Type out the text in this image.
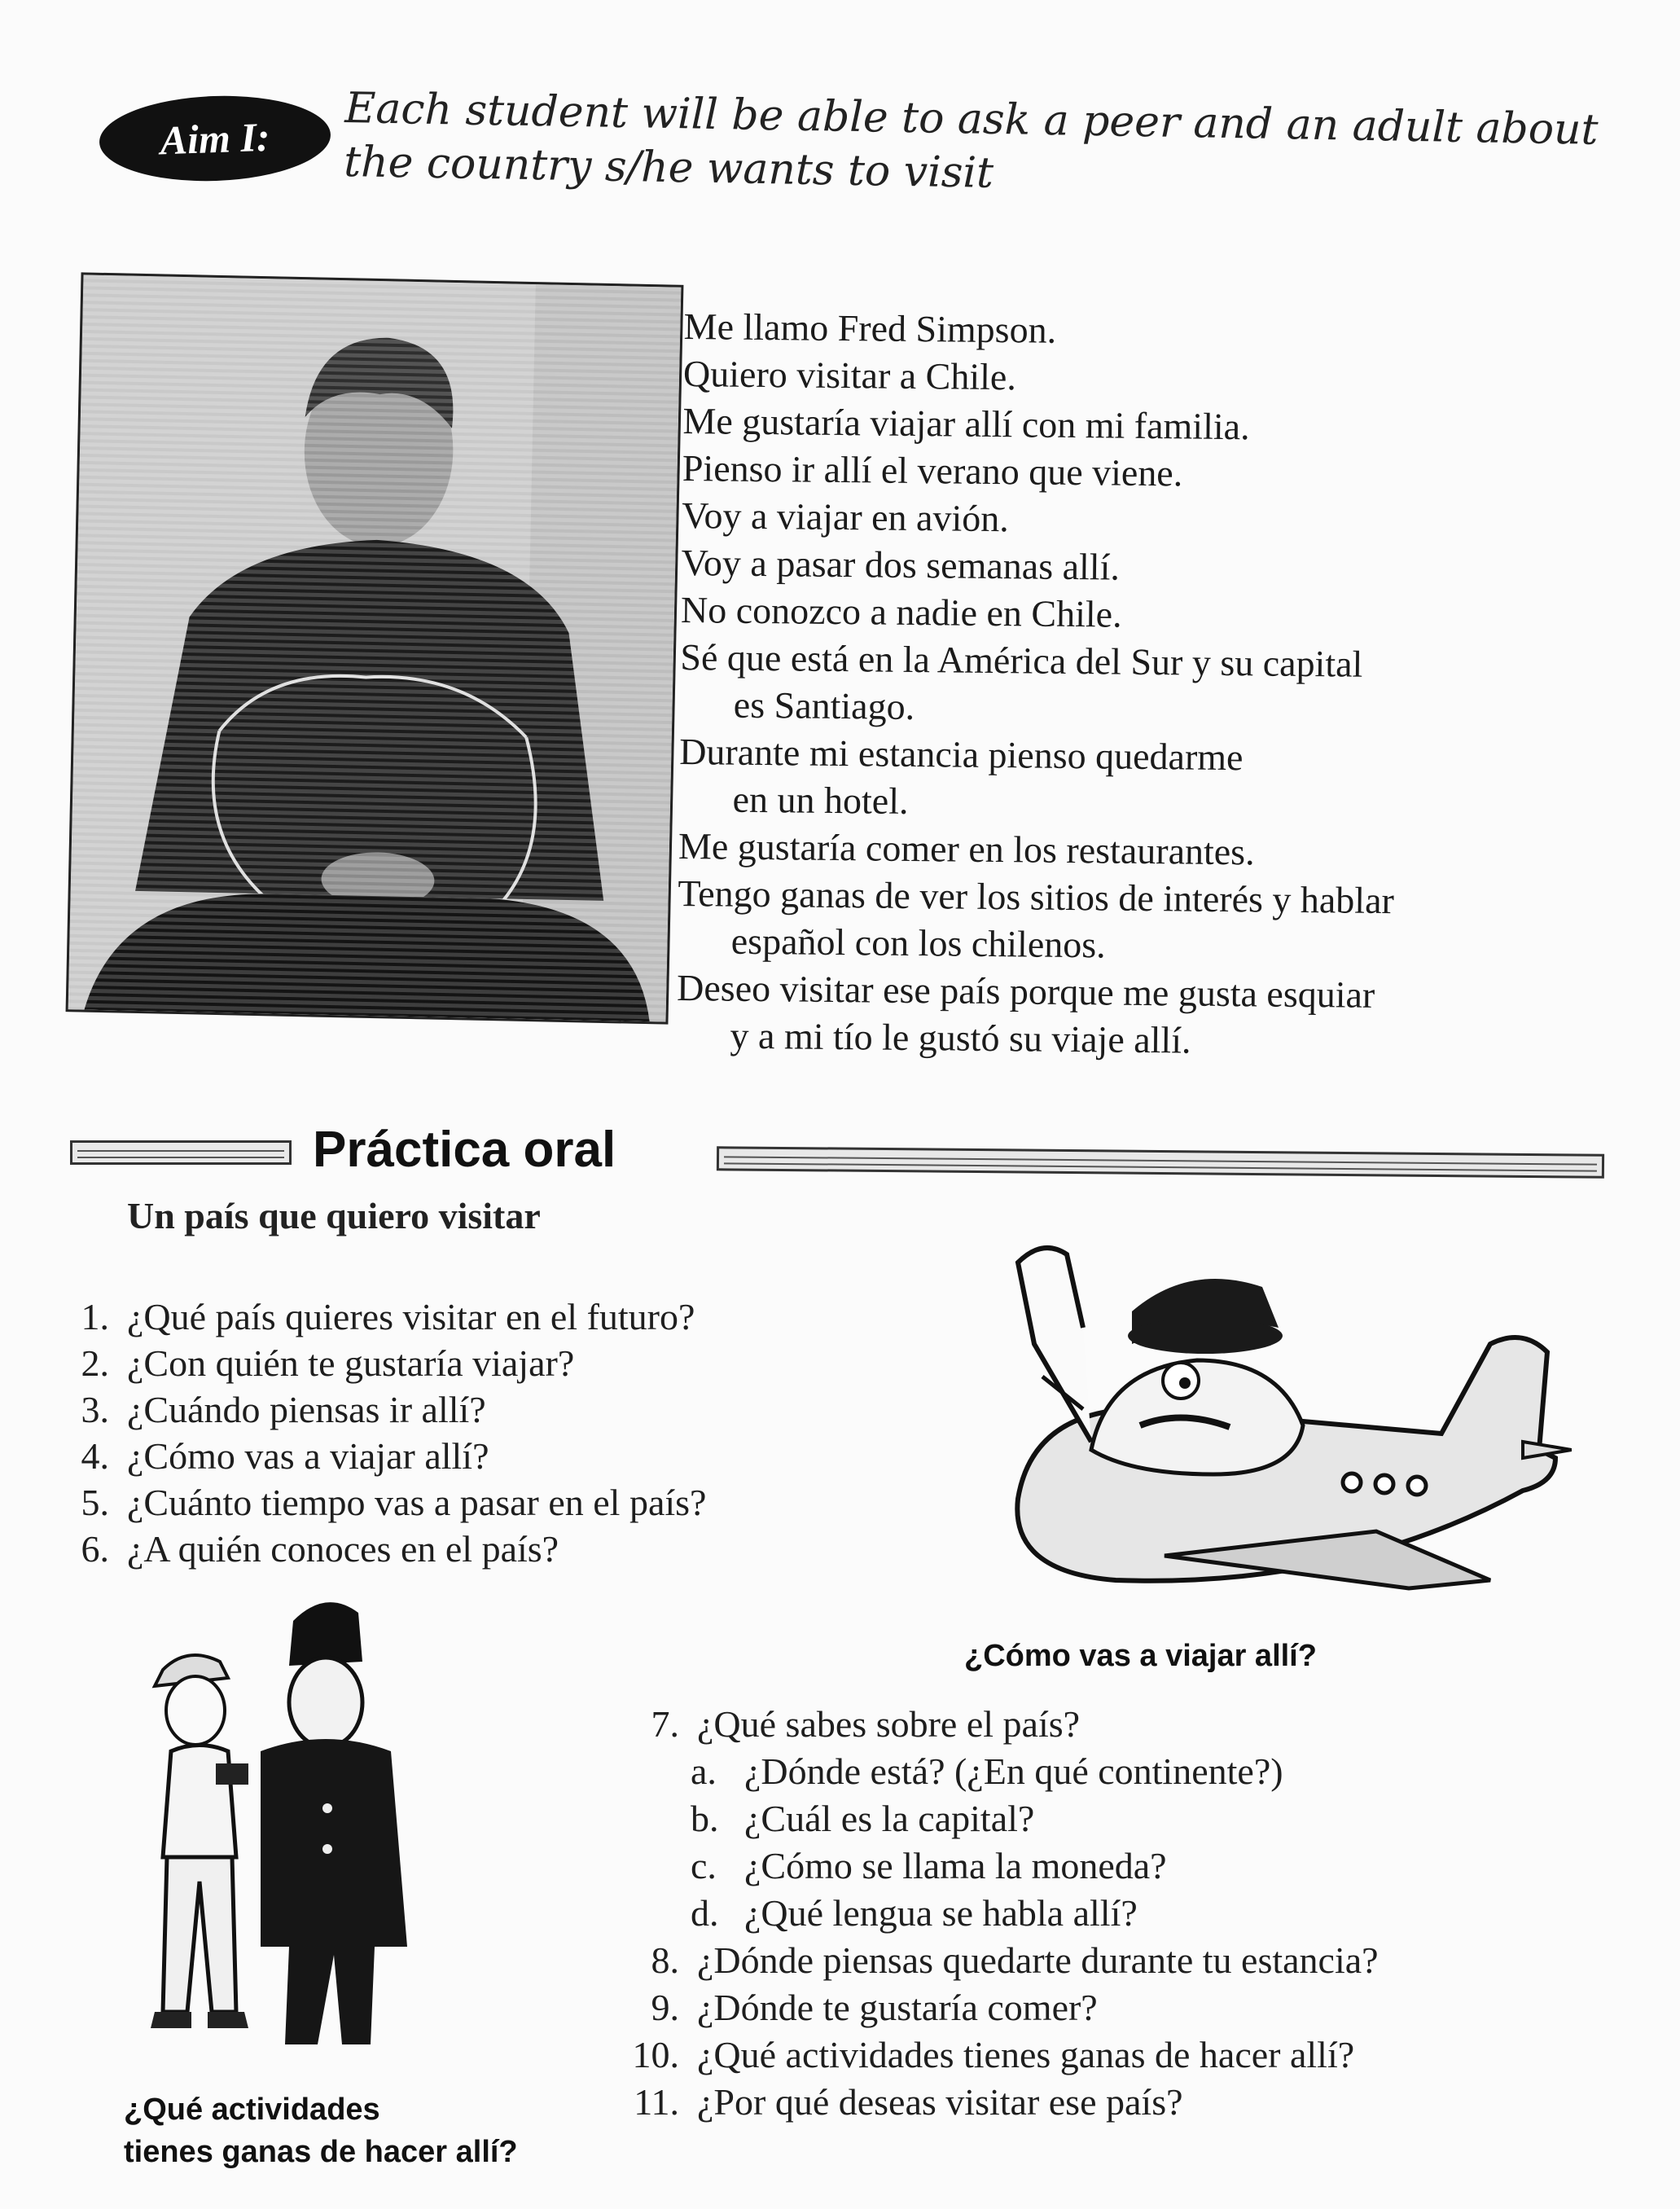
Aim I: Each student will be able to ask a peer and an adult about
the country s/he wants to visit
Me llamo Fred Simpson.
Quiero visitar a Chile.
Me gustaría viajar allí con mi familia.
Pienso ir allí el verano que viene.
Voy a viajar en avión.
Voy a pasar dos semanas allí.
No conozco a nadie en Chile.
Sé que está en la América del Sur y su capital
es Santiago.
Durante mi estancia pienso quedarme
en un hotel.
Me gustaría comer en los restaurantes.
Tengo ganas de ver los sitios de interés y hablar
español con los chilenos.
Deseo visitar ese país porque me gusta esquiar
y a mi tío le gustó su viaje allí.
Práctica oral
Un país que quiero visitar
1. ¿Qué país quieres visitar en el futuro?
2. ¿Con quién te gustaría viajar?
3. ¿Cuándo piensas ir allí?
4. ¿Cómo vas a viajar allí?
5. ¿Cuánto tiempo vas a pasar en el país?
6. ¿A quién conoces en el país?
¿Cómo vas a viajar allí?
¿Qué actividades
tienes ganas de hacer allí?
7. ¿Qué sabes sobre el país?
a. ¿Dónde está? (¿En qué continente?)
b. ¿Cuál es la capital?
c. ¿Cómo se llama la moneda?
d. ¿Qué lengua se habla allí?
8. ¿Dónde piensas quedarte durante tu estancia?
9. ¿Dónde te gustaría comer?
10. ¿Qué actividades tienes ganas de hacer allí?
11. ¿Por qué deseas visitar ese país?
